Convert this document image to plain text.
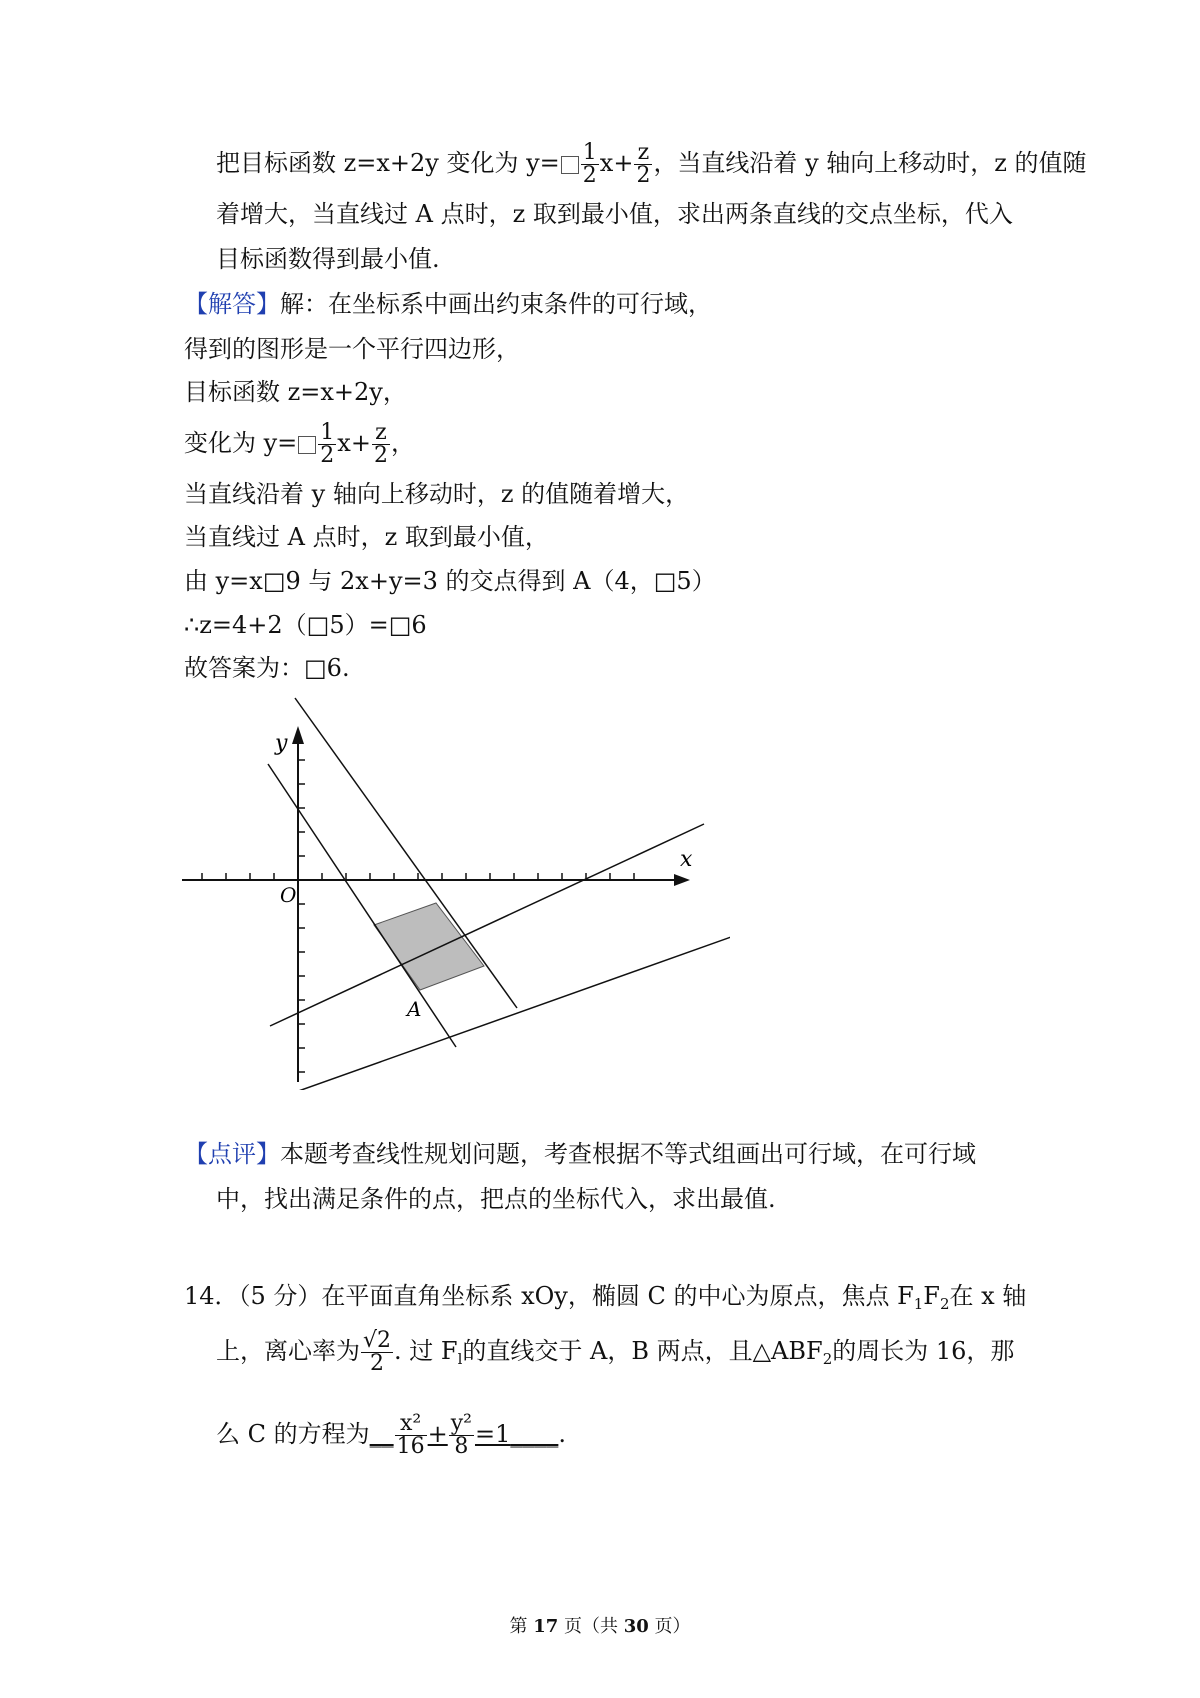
把目标函数 z=x+2y 变化为 $y= \frac{1}{2} x+ \frac{z}{2}$ ，当直线沿着 y 轴向上移动时，z 的值随
着增大，当直线过 A 点时，z 取到最小值，求出两条直线的交点坐标，代入
目标函数得到最小值.
【解答】解：在坐标系中画出约束条件的可行域，
得到的图形是一个平行四边形，
目标函数 z=x+2y，
变化为 $y= \frac{1}{2} x+ \frac{z}{2}$ ，
当直线沿着 y 轴向上移动时，z 的值随着增大，
当直线过 A 点时，z 取到最小值，
由 y=x□9 与 2x+y=3 的交点得到 A（4，□5）
∴z=4+2（□5）=□6
故答案为：□6.
y
x
O
A
【点评】本题考查线性规划问题，考查根据不等式组画出可行域，在可行域
中，找出满足条件的点，把点的坐标代入，求出最值.
14．（5 分）在平面直角坐标系 xOy，椭圆 C 的中心为原点，焦点 $F_1F_2$在 x 轴
上，离心率为 $\frac{√2}{2}$ . 过 $F_l$的直线交于 A，B 两点，且$\triangle ABF_2$的周长为 16，那
么 C 的方程为__ $\frac{\text{x²}}{16} + \frac{\text{y²}}{8}$ =1____.
第 17 页（共 30 页）
